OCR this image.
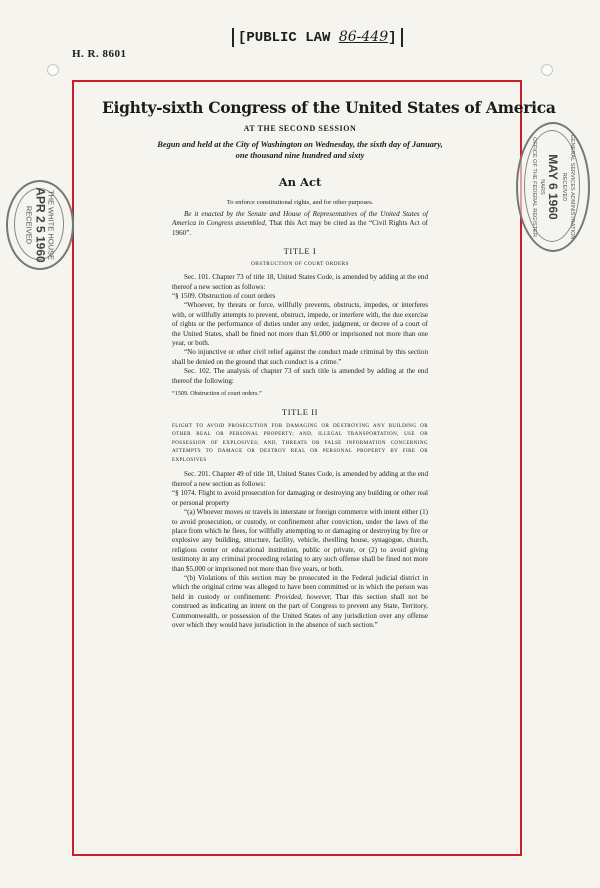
H. R. 8601
[PUBLIC LAW 86-449]
THE WHITE HOUSE
APR 2 5 1960
RECEIVED	GENERAL SERVICES ADMINISTRATION
RECEIVED
MAY 6 1960
NARS
OFFICE OF THE FEDERAL REGISTER
Eighty-sixth Congress of the United States of America
AT THE SECOND SESSION
Begun and held at the City of Washington on Wednesday, the sixth day of January,
one thousand nine hundred and sixty
An Act
To enforce constitutional rights, and for other purposes.

Be it enacted by the Senate and House of Representatives of the United States of America in Congress assembled, That this Act may be cited as the “Civil Rights Act of 1960”.

TITLE I
OBSTRUCTION OF COURT ORDERS

Sec. 101. Chapter 73 of title 18, United States Code, is amended by adding at the end thereof a new section as follows:

“§ 1509. Obstruction of court orders

“Whoever, by threats or force, willfully prevents, obstructs, impedes, or interferes with, or willfully attempts to prevent, obstruct, impede, or interfere with, the due exercise of rights or the performance of duties under any order, judgment, or decree of a court of the United States, shall be fined not more than $1,000 or imprisoned not more than one year, or both.

“No injunctive or other civil relief against the conduct made criminal by this section shall be denied on the ground that such conduct is a crime.”

Sec. 102. The analysis of chapter 73 of such title is amended by adding at the end thereof the following:

“1509. Obstruction of court orders.”

TITLE II
FLIGHT TO AVOID PROSECUTION FOR DAMAGING OR DESTROYING ANY BUILDING OR OTHER REAL OR PERSONAL PROPERTY; AND, ILLEGAL TRANSPORTATION, USE OR POSSESSION OF EXPLOSIVES; AND, THREATS OR FALSE INFORMATION CONCERNING ATTEMPTS TO DAMAGE OR DESTROY REAL OR PERSONAL PROPERTY BY FIRE OR EXPLOSIVES

Sec. 201. Chapter 49 of title 18, United States Code, is amended by adding at the end thereof a new section as follows:

“§ 1074. Flight to avoid prosecution for damaging or destroying any building or other real or personal property

“(a) Whoever moves or travels in interstate or foreign commerce with intent either (1) to avoid prosecution, or custody, or confinement after conviction, under the laws of the place from which he flees, for willfully attempting to or damaging or destroying by fire or explosive any building, structure, facility, vehicle, dwelling house, synagogue, church, religious center or educational institution, public or private, or (2) to avoid giving testimony in any criminal proceeding relating to any such offense shall be fined not more than $5,000 or imprisoned not more than five years, or both.

“(b) Violations of this section may be prosecuted in the Federal judicial district in which the original crime was alleged to have been committed or in which the person was held in custody or confinement: Provided, however, That this section shall not be construed as indicating an intent on the part of Congress to prevent any State, Territory, Commonwealth, or possession of the United States of any jurisdiction over any offense over which they would have jurisdiction in the absence of such section.”
